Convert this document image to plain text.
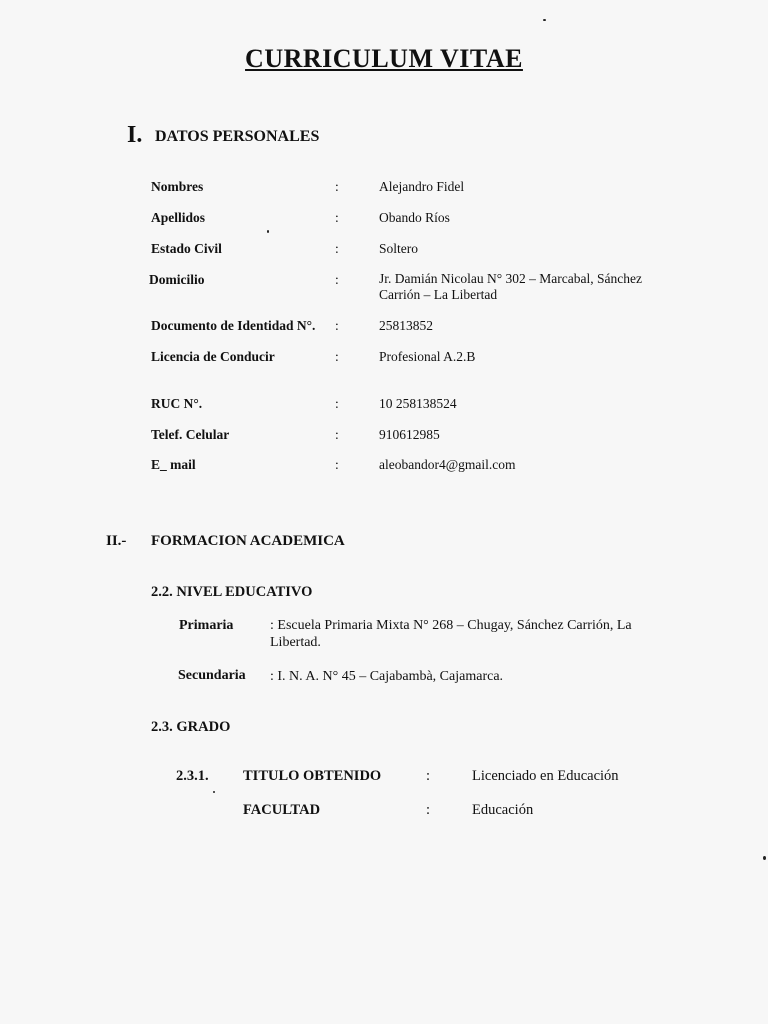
CURRICULUM VITAE
I. DATOS PERSONALES
Nombres	:	Alejandro Fidel
Apellidos	:	Obando Ríos
Estado Civil	:	Soltero
Domicilio	:	Jr. Damián Nicolau N° 302 – Marcabal, Sánchez Carrión – La Libertad
Documento de Identidad N°. :	25813852
Licencia de Conducir	:	Profesional A.2.B
RUC N°.	:	10 258138524
Telef. Celular	:	910612985
E_ mail	:	aleobandor4@gmail.com
II.- FORMACION ACADEMICA
2.2. NIVEL EDUCATIVO
Primaria	: Escuela Primaria Mixta N° 268 – Chugay, Sánchez Carrión, La Libertad.
Secundaria : I. N. A. N° 45 – Cajabambà, Cajamarca.
2.3. GRADO
2.3.1. TITULO OBTENIDO	:	Licenciado en Educación
FACULTAD	:	Educación
